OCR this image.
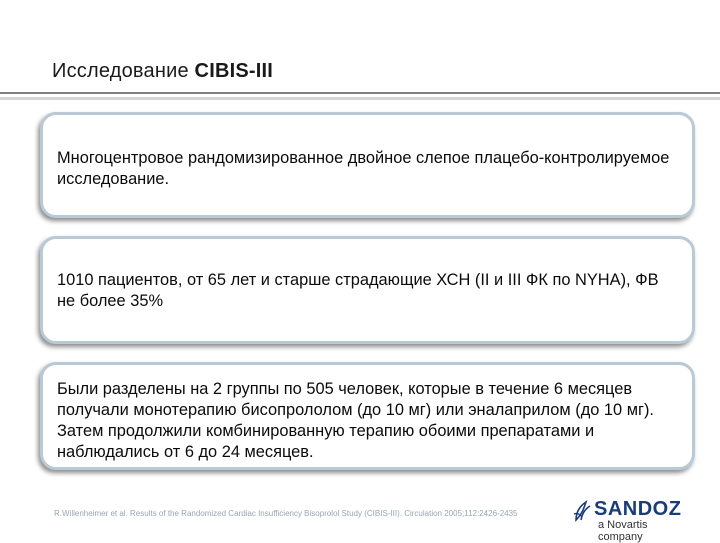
Исследование CIBIS-III
Многоцентровое рандомизированное двойное слепое плацебо-контролируемое исследование.
1010 пациентов, от 65 лет и старше страдающие ХСН (II и III ФК по NYHA), ФВ не более 35%
Были разделены на 2 группы по 505 человек, которые в течение 6 месяцев получали монотерапию бисопрололом (до 10 мг) или эналаприлом (до 10 мг). Затем продолжили комбинированную терапию обоими препаратами и наблюдались от 6 до 24 месяцев.
R.Willenheimer et al. Results of the Randomized Cardiac Insufficiency Bisoprolol Study (CIBIS-III). Circulation 2005;112:2426-2435	SANDOZ
a Novartis company
